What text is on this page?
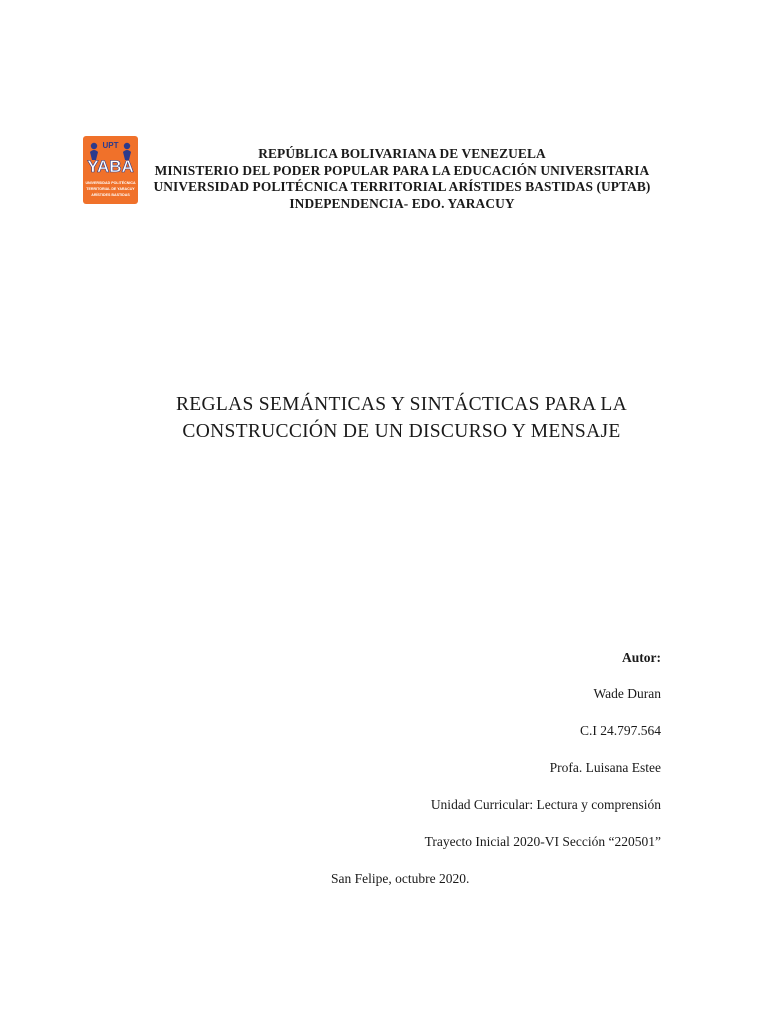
UPT
YABA
UNIVERSIDAD POLITÉCNICA
TERRITORIAL DE YARACUY
ARÍSTIDES BASTIDAS
REPÚBLICA BOLIVARIANA DE VENEZUELA
MINISTERIO DEL PODER POPULAR PARA LA EDUCACIÓN UNIVERSITARIA
UNIVERSIDAD POLITÉCNICA TERRITORIAL ARÍSTIDES BASTIDAS (UPTAB)
INDEPENDENCIA- EDO. YARACUY
REGLAS SEMÁNTICAS Y SINTÁCTICAS PARA LA
CONSTRUCCIÓN DE UN DISCURSO Y MENSAJE
Autor:
Wade Duran
C.I 24.797.564
Profa. Luisana Estee
Unidad Curricular: Lectura y comprensión
Trayecto Inicial 2020-VI Sección “220501”
San Felipe, octubre 2020.
